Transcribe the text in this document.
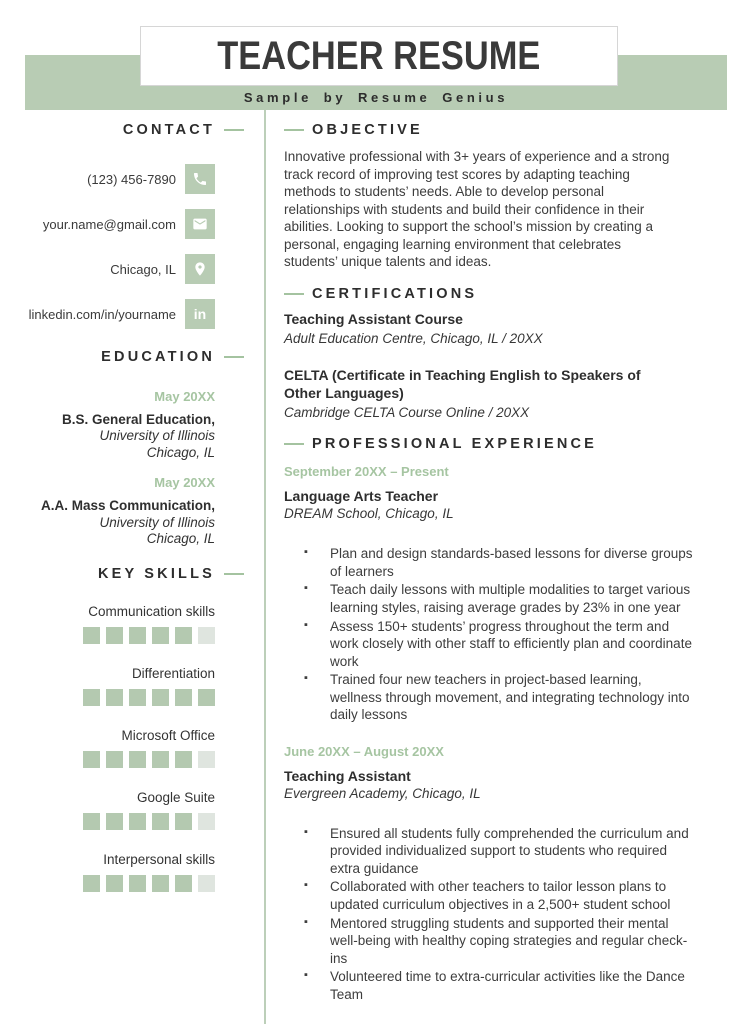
TEACHER RESUME
Sample by Resume Genius
CONTACT
(123) 456-7890
your.name@gmail.com
Chicago, IL
linkedin.com/in/yourname in
EDUCATION
May 20XX
B.S. General Education,
University of Illinois
Chicago, IL
May 20XX
A.A. Mass Communication,
University of Illinois
Chicago, IL
KEY SKILLS
Communication skills
Differentiation
Microsoft Office
Google Suite
Interpersonal skills
OBJECTIVE

Innovative professional with 3+ years of experience and a strong track record of improving test scores by adapting teaching methods to students’ needs. Able to develop personal relationships with students and build their confidence in their abilities. Looking to support the school’s mission by creating a personal, engaging learning environment that celebrates students’ unique talents and ideas.

CERTIFICATIONS
Teaching Assistant Course
Adult Education Centre, Chicago, IL / 20XX
CELTA (Certificate in Teaching English to Speakers of Other Languages)
Cambridge CELTA Course Online / 20XX
PROFESSIONAL EXPERIENCE
September 20XX – Present
Language Arts Teacher
DREAM School, Chicago, IL
▪ Plan and design standards-based lessons for diverse groups of learners
▪ Teach daily lessons with multiple modalities to target various learning styles, raising average grades by 23% in one year
▪ Assess 150+ students’ progress throughout the term and work closely with other staff to efficiently plan and coordinate work
▪ Trained four new teachers in project-based learning, wellness through movement, and integrating technology into daily lessons
June 20XX – August 20XX
Teaching Assistant
Evergreen Academy, Chicago, IL
▪ Ensured all students fully comprehended the curriculum and provided individualized support to students who required extra guidance
▪ Collaborated with other teachers to tailor lesson plans to updated curriculum objectives in a 2,500+ student school
▪ Mentored struggling students and supported their mental well-being with healthy coping strategies and regular check-ins
▪ Volunteered time to extra-curricular activities like the Dance Team
